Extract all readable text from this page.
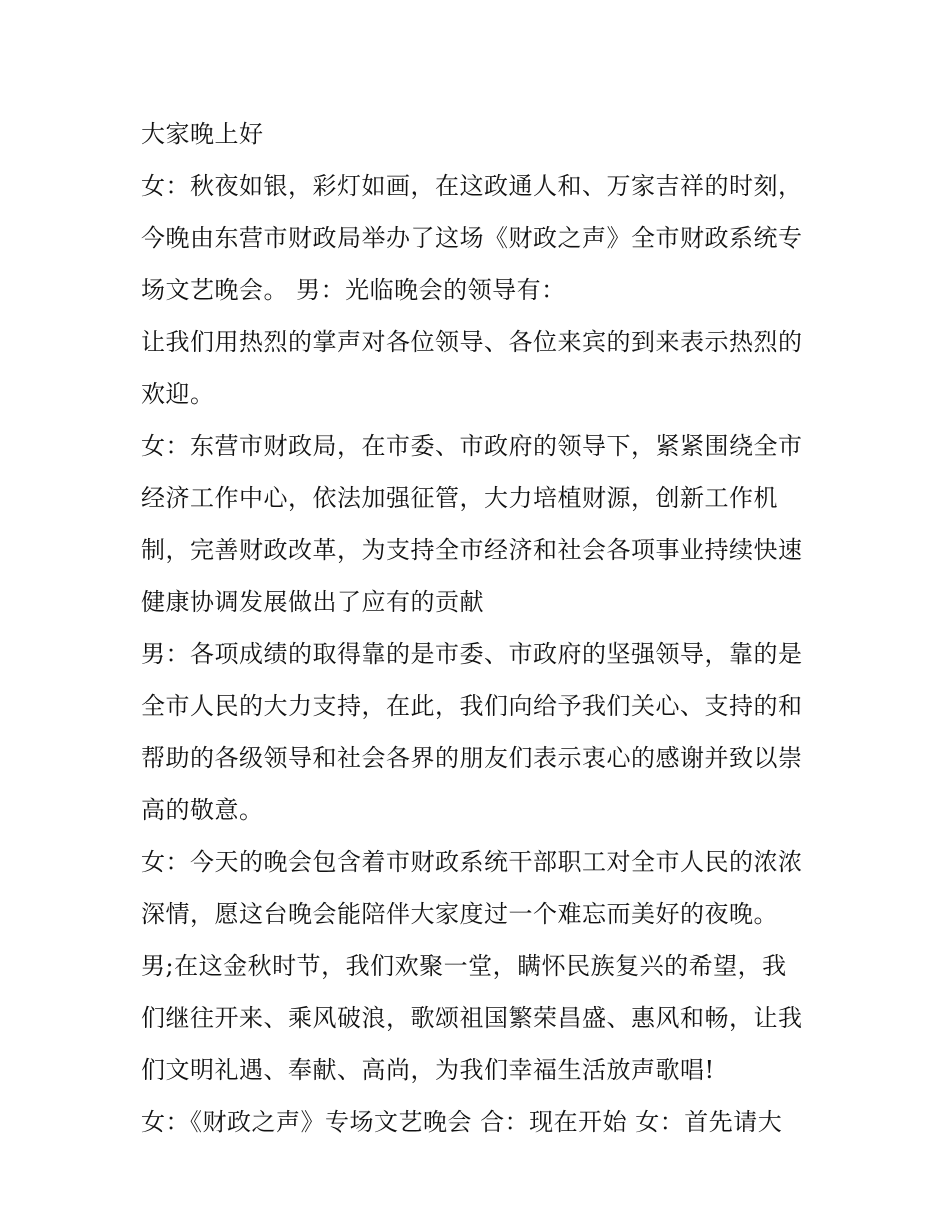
大家晚上好
女：秋夜如银，彩灯如画，在这政通人和、万家吉祥的时刻，
今晚由东营市财政局举办了这场《财政之声》全市财政系统专
场文艺晚会。 男：光临晚会的领导有：
让我们用热烈的掌声对各位领导、各位来宾的到来表示热烈的
欢迎。
女：东营市财政局，在市委、市政府的领导下，紧紧围绕全市
经济工作中心，依法加强征管，大力培植财源，创新工作机
制，完善财政改革，为支持全市经济和社会各项事业持续快速
健康协调发展做出了应有的贡献
男：各项成绩的取得靠的是市委、市政府的坚强领导，靠的是
全市人民的大力支持，在此，我们向给予我们关心、支持的和
帮助的各级领导和社会各界的朋友们表示衷心的感谢并致以崇
高的敬意。
女：今天的晚会包含着市财政系统干部职工对全市人民的浓浓
深情，愿这台晚会能陪伴大家度过一个难忘而美好的夜晚。
男;在这金秋时节，我们欢聚一堂，瞒怀民族复兴的希望，我
们继往开来、乘风破浪，歌颂祖国繁荣昌盛、惠风和畅，让我
们文明礼遇、奉献、高尚，为我们幸福生活放声歌唱!
女：《财政之声》专场文艺晚会 合：现在开始 女：首先请大
